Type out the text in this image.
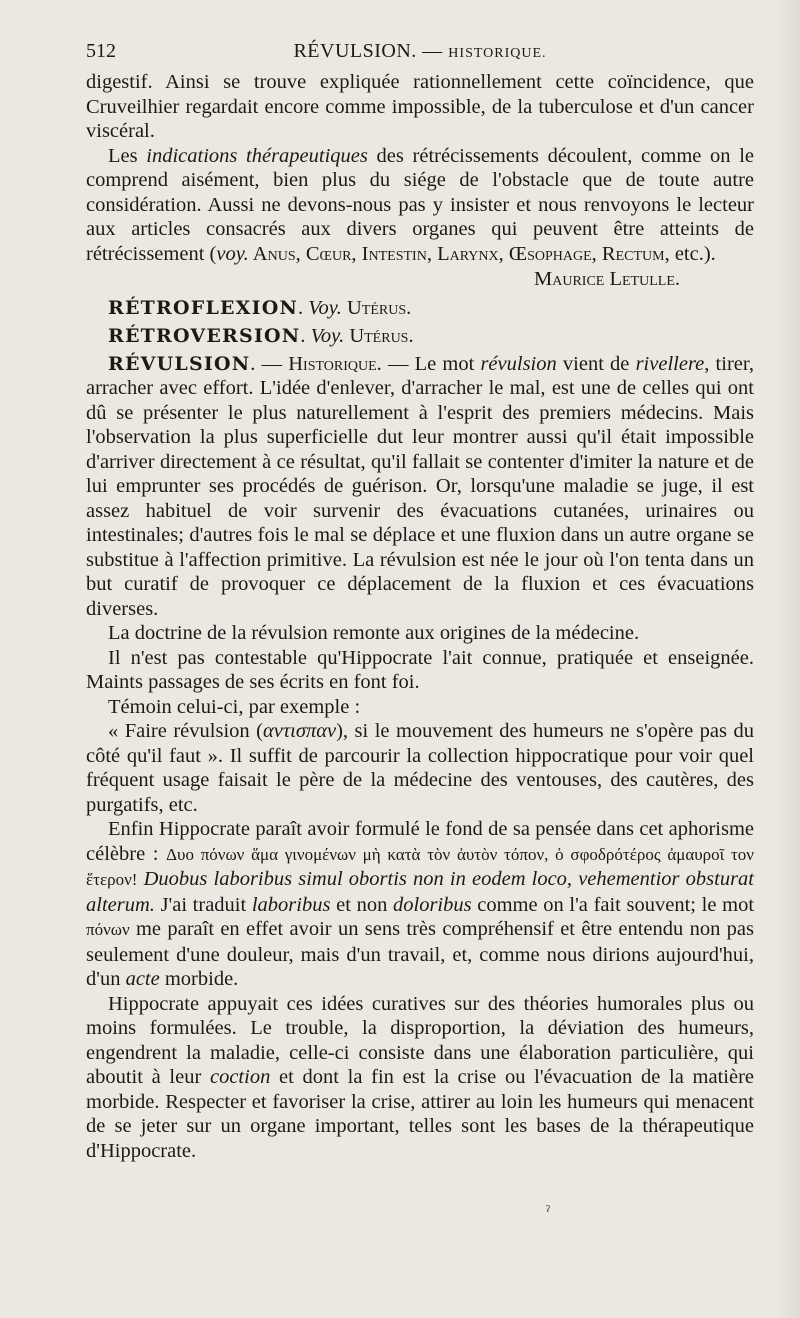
512	RÉVULSION. — HISTORIQUE.

digestif. Ainsi se trouve expliquée rationnellement cette coïncidence, que Cruveilhier regardait encore comme impossible, de la tuberculose et d'un cancer viscéral.

Les indications thérapeutiques des rétrécissements découlent, comme on le comprend aisément, bien plus du siége de l'obstacle que de toute autre considération. Aussi ne devons-nous pas y insister et nous renvoyons le lecteur aux articles consacrés aux divers organes qui peuvent être atteints de rétrécissement (voy. Anus, Cœur, Intestin, Larynx, Œsophage, Rectum, etc.).

Maurice Letulle.

RÉTROFLEXION. Voy. Utérus.

RÉTROVERSION. Voy. Utérus.

RÉVULSION. — Historique. — Le mot révulsion vient de rivellere, tirer, arracher avec effort. L'idée d'enlever, d'arracher le mal, est une de celles qui ont dû se présenter le plus naturellement à l'esprit des premiers médecins. Mais l'observation la plus superficielle dut leur montrer aussi qu'il était impossible d'arriver directement à ce résultat, qu'il fallait se contenter d'imiter la nature et de lui emprunter ses procédés de guérison. Or, lorsqu'une maladie se juge, il est assez habituel de voir survenir des évacuations cutanées, urinaires ou intestinales; d'autres fois le mal se déplace et une fluxion dans un autre organe se substitue à l'affection primitive. La révulsion est née le jour où l'on tenta dans un but curatif de provoquer ce déplacement de la fluxion et ces évacuations diverses.

La doctrine de la révulsion remonte aux origines de la médecine.

Il n'est pas contestable qu'Hippocrate l'ait connue, pratiquée et enseignée. Maints passages de ses écrits en font foi.

Témoin celui-ci, par exemple :

« Faire révulsion (αντισπαν), si le mouvement des humeurs ne s'opère pas du côté qu'il faut ». Il suffit de parcourir la collection hippocratique pour voir quel fréquent usage faisait le père de la médecine des ventouses, des cautères, des purgatifs, etc.

Enfin Hippocrate paraît avoir formulé le fond de sa pensée dans cet aphorisme célèbre : Δυο πόνων ἅμα γινομένων μὴ κατὰ τὸν ἀυτὸν τόπον, ὁ σφοδρότέρος ἀμαυροῖ τον ἕτερον! Duobus laboribus simul obortis non in eodem loco, vehementior obsturat alterum. J'ai traduit laboribus et non doloribus comme on l'a fait souvent; le mot πόνων me paraît en effet avoir un sens très compréhensif et être entendu non pas seulement d'une douleur, mais d'un travail, et, comme nous dirions aujourd'hui, d'un acte morbide.

Hippocrate appuyait ces idées curatives sur des théories humorales plus ou moins formulées. Le trouble, la disproportion, la déviation des humeurs, engendrent la maladie, celle-ci consiste dans une élaboration particulière, qui aboutit à leur coction et dont la fin est la crise ou l'évacuation de la matière morbide. Respecter et favoriser la crise, attirer au loin les humeurs qui menacent de se jeter sur un organe important, telles sont les bases de la thérapeutique d'Hippocrate.

ˀ
